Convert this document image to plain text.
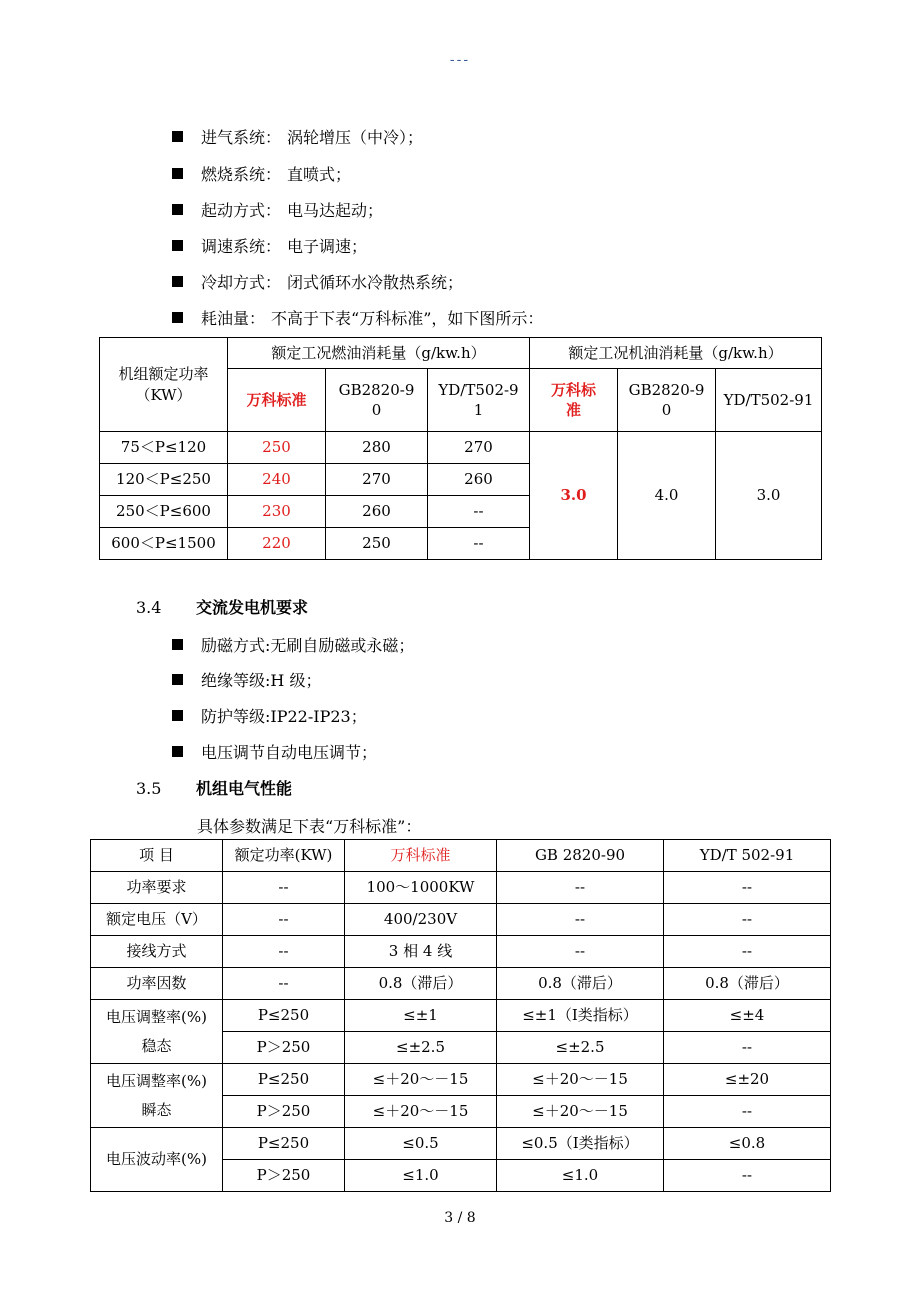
---
进气系统： 涡轮增压（中冷）；
燃烧系统： 直喷式；
起动方式： 电马达起动；
调速系统： 电子调速；
冷却方式： 闭式循环水冷散热系统；
耗油量： 不高于下表“万科标准”，如下图所示：
机组额定功率（KW）	额定工况燃油消耗量（g/kw.h）			额定工况机油消耗量（g/kw.h）		
	万科标准	GB2820-90	YD/T502-91	万科标准	GB2820-90	YD/T502-91
75＜P≤120	250	280	270	3.0	4.0	3.0
120＜P≤250	240	270	260			
250＜P≤600	230	260	--			
600＜P≤1500	220	250	--			
3.4 交流发电机要求
励磁方式:无刷自励磁或永磁；
绝缘等级:H 级；
防护等级:IP22-IP23；
电压调节自动电压调节；
3.5 机组电气性能
具体参数满足下表“万科标准”：
项 目	额定功率(KW)	万科标准	GB 2820-90	YD/T 502-91
功率要求	--	100～1000KW	--	--
额定电压（V）	--	400/230V	--	--
接线方式	--	3 相 4 线	--	--
功率因数	--	0.8（滞后）	0.8（滞后）	0.8（滞后）

电压调整率(%)
稳态	P≤250	≤±1	≤±1（Ⅰ类指标）	≤±4
	P＞250	≤±2.5	≤±2.5	--

电压调整率(%)
瞬态	P≤250	≤＋20～－15	≤＋20～－15	≤±20
	P＞250	≤＋20～－15	≤＋20～－15	--
电压波动率(%)	P≤250	≤0.5	≤0.5（Ⅰ类指标）	≤0.8
	P＞250	≤1.0	≤1.0	--
3 / 8
